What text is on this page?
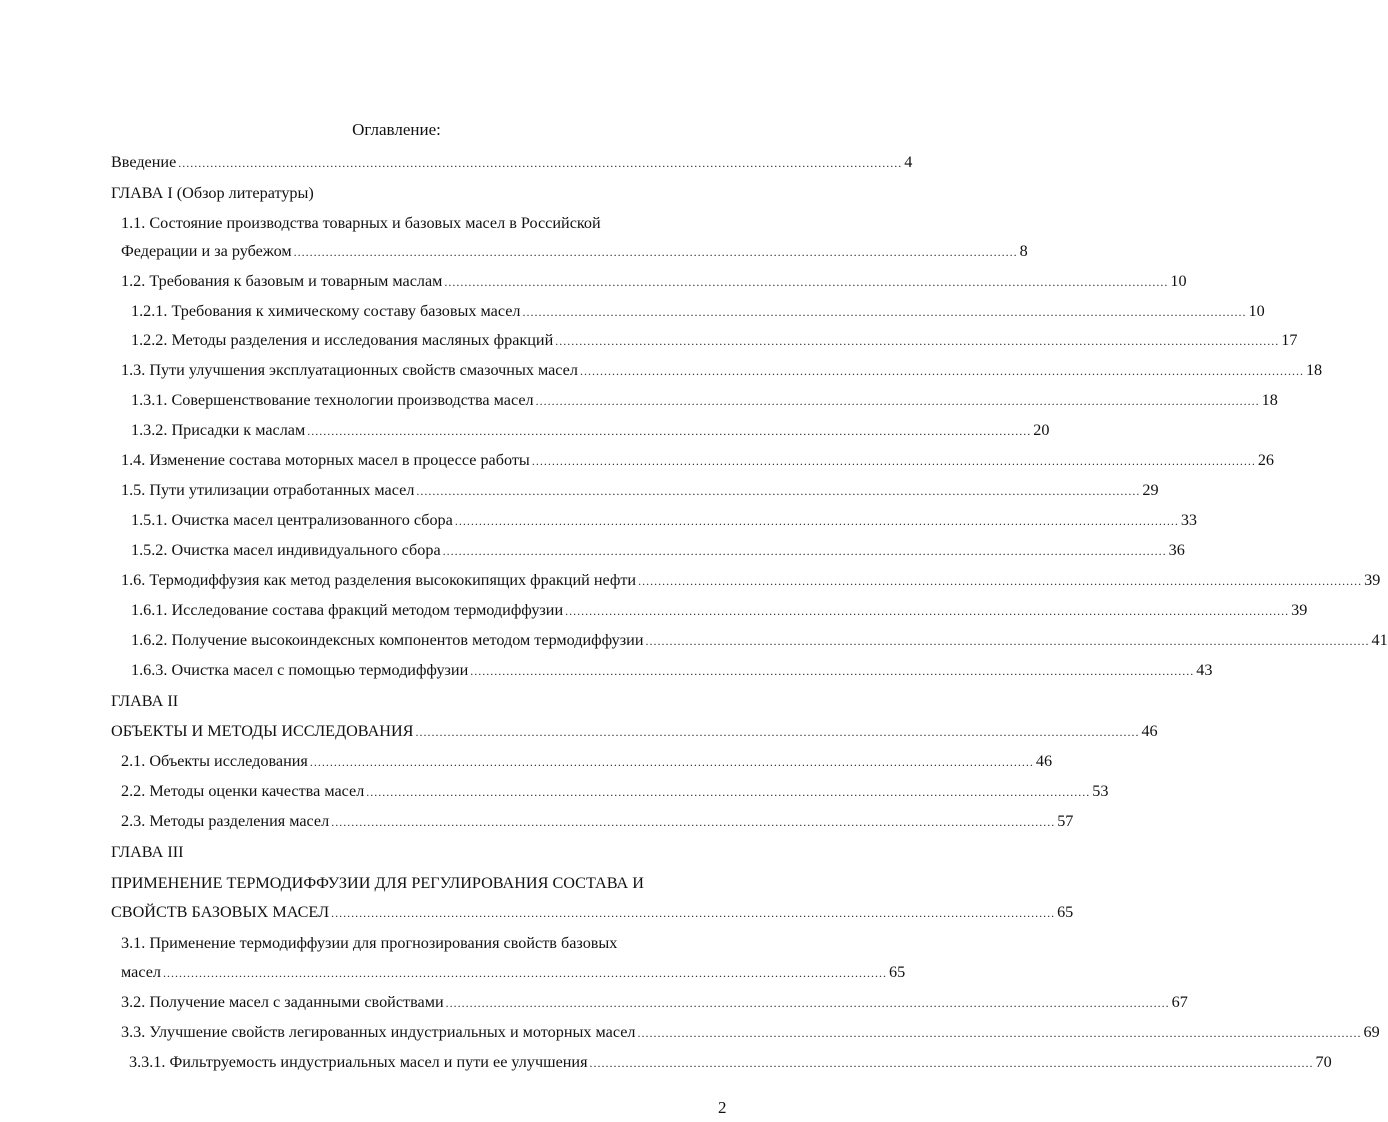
Оглавление:
Введение ..................................................................................................................................................................................... 4
ГЛАВА I (Обзор литературы)
1.1. Состояние производства товарных и базовых масел в Российской
Федерации и за рубежом ..................................................................................................................................................................................... 8
1.2. Требования к базовым и товарным маслам ..................................................................................................................................................................................... 10
1.2.1. Требования к химическому составу базовых масел ..................................................................................................................................................................................... 10
1.2.2. Методы разделения и исследования масляных фракций ..................................................................................................................................................................................... 17
1.3. Пути улучшения эксплуатационных свойств смазочных масел ..................................................................................................................................................................................... 18
1.3.1. Совершенствование технологии производства масел ..................................................................................................................................................................................... 18
1.3.2. Присадки к маслам ..................................................................................................................................................................................... 20
1.4. Изменение состава моторных масел в процессе работы ..................................................................................................................................................................................... 26
1.5. Пути утилизации отработанных масел ..................................................................................................................................................................................... 29
1.5.1. Очистка масел централизованного сбора ..................................................................................................................................................................................... 33
1.5.2. Очистка масел индивидуального сбора ..................................................................................................................................................................................... 36
1.6. Термодиффузия как метод разделения высококипящих фракций нефти ..................................................................................................................................................................................... 39
1.6.1. Исследование состава фракций методом термодиффузии ..................................................................................................................................................................................... 39
1.6.2. Получение высокоиндексных компонентов методом термодиффузии ..................................................................................................................................................................................... 41
1.6.3. Очистка масел с помощью термодиффузии ..................................................................................................................................................................................... 43
ГЛАВА II
ОБЪЕКТЫ И МЕТОДЫ ИССЛЕДОВАНИЯ ..................................................................................................................................................................................... 46
2.1. Объекты исследования ..................................................................................................................................................................................... 46
2.2. Методы оценки качества масел ..................................................................................................................................................................................... 53
2.3. Методы разделения масел ..................................................................................................................................................................................... 57
ГЛАВА III
ПРИМЕНЕНИЕ ТЕРМОДИФФУЗИИ ДЛЯ РЕГУЛИРОВАНИЯ СОСТАВА И
СВОЙСТВ БАЗОВЫХ МАСЕЛ ..................................................................................................................................................................................... 65
3.1. Применение термодиффузии для прогнозирования свойств базовых
масел ..................................................................................................................................................................................... 65
3.2. Получение масел с заданными свойствами ..................................................................................................................................................................................... 67
3.3. Улучшение свойств легированных индустриальных и моторных масел ..................................................................................................................................................................................... 69
3.3.1. Фильтруемость индустриальных масел и пути ее улучшения ..................................................................................................................................................................................... 70
2
